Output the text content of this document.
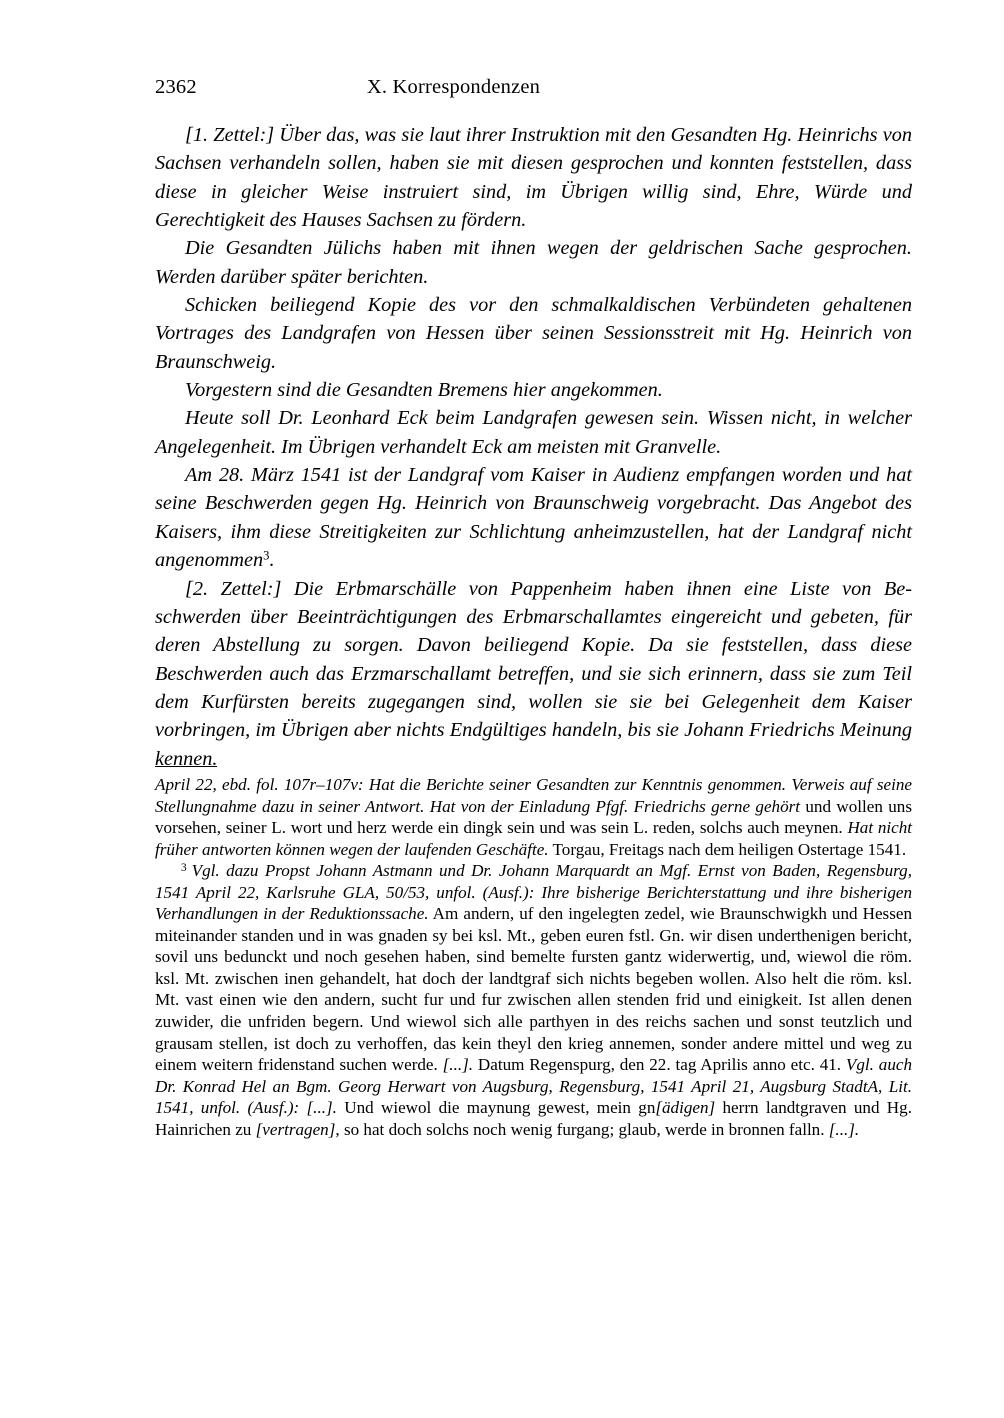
2362	X. Korrespondenzen

[1. Zettel:] Über das, was sie laut ihrer Instruktion mit den Gesandten Hg. Heinrichs von Sachsen verhandeln sollen, haben sie mit diesen gesprochen und konnten feststellen, dass diese in gleicher Weise instruiert sind, im Übrigen willig sind, Ehre, Würde und Gerechtigkeit des Hauses Sachsen zu fördern.

Die Gesandten Jülichs haben mit ihnen wegen der geldrischen Sache gesprochen. Werden darüber später berichten.

Schicken beiliegend Kopie des vor den schmalkaldischen Verbündeten gehaltenen Vortrages des Landgrafen von Hessen über seinen Sessionsstreit mit Hg. Heinrich von Braunschweig.

Vorgestern sind die Gesandten Bremens hier angekommen.

Heute soll Dr. Leonhard Eck beim Landgrafen gewesen sein. Wissen nicht, in welcher Angelegenheit. Im Übrigen verhandelt Eck am meisten mit Granvelle.

Am 28. März 1541 ist der Landgraf vom Kaiser in Audienz empfangen worden und hat seine Beschwerden gegen Hg. Heinrich von Braunschweig vorgebracht. Das Angebot des Kaisers, ihm diese Streitigkeiten zur Schlichtung anheimzustellen, hat der Landgraf nicht angenommen$^3$.

[2. Zettel:] Die Erbmarschälle von Pappenheim haben ihnen eine Liste von Be-schwerden über Beeinträchtigungen des Erbmarschallamtes eingereicht und gebeten, für deren Abstellung zu sorgen. Davon beiliegend Kopie. Da sie feststellen, dass diese Beschwerden auch das Erzmarschallamt betreffen, und sie sich erinnern, dass sie zum Teil dem Kurfürsten bereits zugegangen sind, wollen sie sie bei Gelegenheit dem Kaiser vorbringen, im Übrigen aber nichts Endgültiges handeln, bis sie Johann Friedrichs Meinung kennen.

April 22, ebd. fol. 107r–107v: Hat die Berichte seiner Gesandten zur Kenntnis genommen. Verweis auf seine Stellungnahme dazu in seiner Antwort. Hat von der Einladung Pfgf. Friedrichs gerne gehört und wollen uns vorsehen, seiner L. wort und herz werde ein dingk sein und was sein L. reden, solchs auch meynen. Hat nicht früher antworten können wegen der laufenden Geschäfte. Torgau, Freitags nach dem heiligen Ostertage 1541.

$^3$ Vgl. dazu Propst Johann Astmann und Dr. Johann Marquardt an Mgf. Ernst von Baden, Regensburg, 1541 April 22, Karlsruhe GLA, 50/53, unfol. (Ausf.): Ihre bisherige Berichterstattung und ihre bisherigen Verhandlungen in der Reduktionssache. Am andern, uf den ingelegten zedel, wie Braunschwigkh und Hessen miteinander standen und in was gnaden sy bei ksl. Mt., geben euren fstl. Gn. wir disen underthenigen bericht, sovil uns bedunckt und noch gesehen haben, sind bemelte fursten gantz widerwertig, und, wiewol die röm. ksl. Mt. zwischen inen gehandelt, hat doch der landtgraf sich nichts begeben wollen. Also helt die röm. ksl. Mt. vast einen wie den andern, sucht fur und fur zwischen allen stenden frid und einigkeit. Ist allen denen zuwider, die unfriden begern. Und wiewol sich alle parthyen in des reichs sachen und sonst teutzlich und grausam stellen, ist doch zu verhoffen, das kein theyl den krieg annemen, sonder andere mittel und weg zu einem weitern fridenstand suchen werde. [...]. Datum Regenspurg, den 22. tag Aprilis anno etc. 41. Vgl. auch Dr. Konrad Hel an Bgm. Georg Herwart von Augsburg, Regensburg, 1541 April 21, Augsburg StadtA, Lit. 1541, unfol. (Ausf.): [...]. Und wiewol die maynung gewest, mein gn[ädigen] herrn landtgraven und Hg. Hainrichen zu [vertragen], so hat doch solchs noch wenig furgang; glaub, werde in bronnen falln. [...].
